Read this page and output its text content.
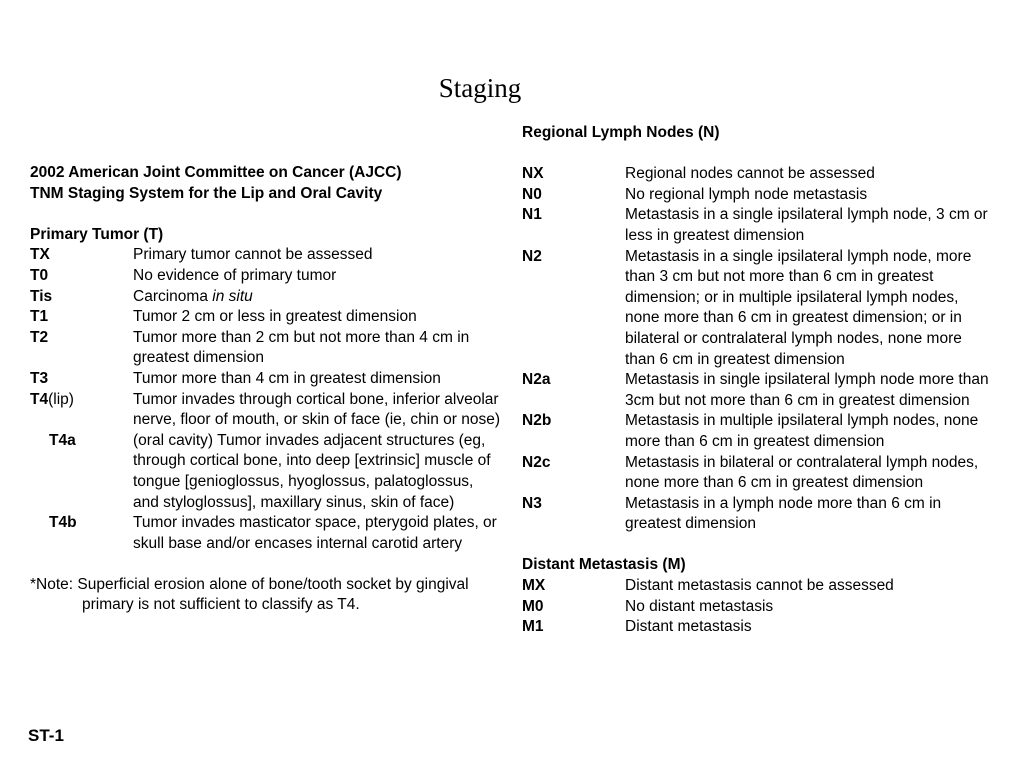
Staging
2002 American Joint Committee on Cancer (AJCC)
TNM Staging System for the Lip and Oral Cavity
Primary Tumor (T)
TX	Primary tumor cannot be assessed
T0	No evidence of primary tumor
Tis	Carcinoma in situ
T1	Tumor 2 cm or less in greatest dimension
T2	Tumor more than 2 cm but not more than 4 cm in greatest dimension
T3	Tumor more than 4 cm in greatest dimension
T4(lip)	Tumor invades through cortical bone, inferior alveolar nerve, floor of mouth, or skin of face (ie, chin or nose)
T4a	(oral cavity) Tumor invades adjacent structures (eg, through cortical bone, into deep [extrinsic] muscle of tongue [genioglossus, hyoglossus, palatoglossus, and styloglossus], maxillary sinus, skin of face)
T4b	Tumor invades masticator space, pterygoid plates, or skull base and/or encases internal carotid artery
*Note: Superficial erosion alone of bone/tooth socket by gingival primary is not sufficient to classify as T4.
Regional Lymph Nodes (N)
NX	Regional nodes cannot be assessed
N0	No regional lymph node metastasis
N1	Metastasis in a single ipsilateral lymph node, 3 cm or less in greatest dimension
N2	Metastasis in a single ipsilateral lymph node, more than 3 cm but not more than 6 cm in greatest dimension; or in multiple ipsilateral lymph nodes, none more than 6 cm in greatest dimension; or in bilateral or contralateral lymph nodes, none more than 6 cm in greatest dimension
N2a	Metastasis in single ipsilateral lymph node more than 3cm but not more than 6 cm in greatest dimension
N2b	Metastasis in multiple ipsilateral lymph nodes, none more than 6 cm in greatest dimension
N2c	Metastasis in bilateral or contralateral lymph nodes, none more than 6 cm in greatest dimension
N3	Metastasis in a lymph node more than 6 cm in greatest dimension
Distant Metastasis (M)
MX	Distant metastasis cannot be assessed
M0	No distant metastasis
M1	Distant metastasis
ST-1
